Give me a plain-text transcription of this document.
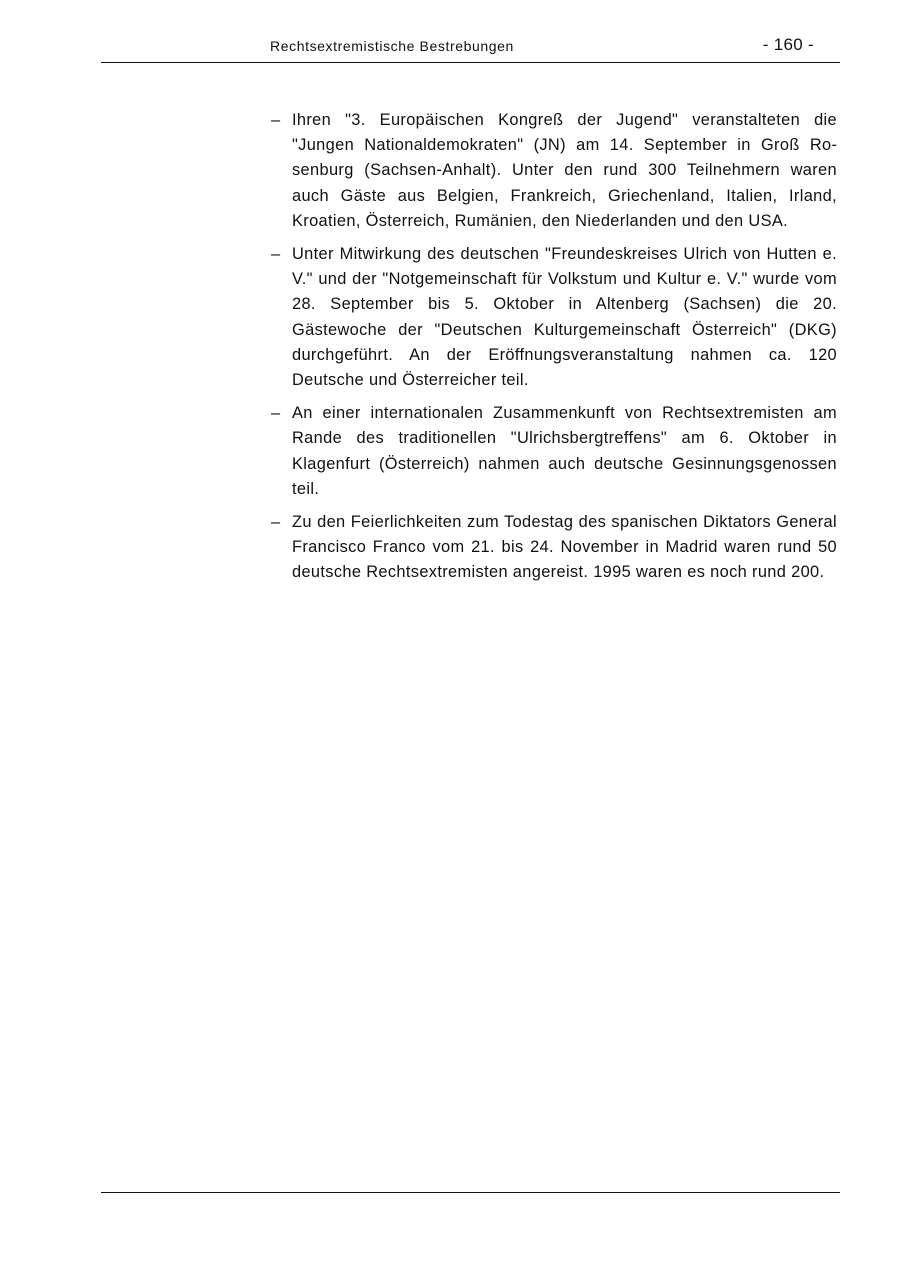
Rechtsextremistische Bestrebungen	- 160 -
– Ihren "3. Europäischen Kongreß der Jugend" veranstalteten die "Jungen Nationaldemokraten" (JN) am 14. September in Groß Rosenburg (Sachsen-Anhalt). Unter den rund 300 Teilnehmern waren auch Gäste aus Belgien, Frankreich, Griechenland, Italien, Irland, Kroatien, Österreich, Rumänien, den Niederlanden und den USA.
– Unter Mitwirkung des deutschen "Freundeskreises Ulrich von Hutten e. V." und der "Notgemeinschaft für Volkstum und Kultur e. V." wurde vom 28. September bis 5. Oktober in Altenberg (Sachsen) die 20. Gästewoche der "Deutschen Kulturgemeinschaft Österreich" (DKG) durchgeführt. An der Eröffnungsveranstaltung nahmen ca. 120 Deutsche und Österreicher teil.
– An einer internationalen Zusammenkunft von Rechtsextremisten am Rande des traditionellen "Ulrichsbergtreffens" am 6. Oktober in Klagenfurt (Österreich) nahmen auch deutsche Gesinnungsgenossen teil.
– Zu den Feierlichkeiten zum Todestag des spanischen Diktators General Francisco Franco vom 21. bis 24. November in Madrid waren rund 50 deutsche Rechtsextremisten angereist. 1995 waren es noch rund 200.
